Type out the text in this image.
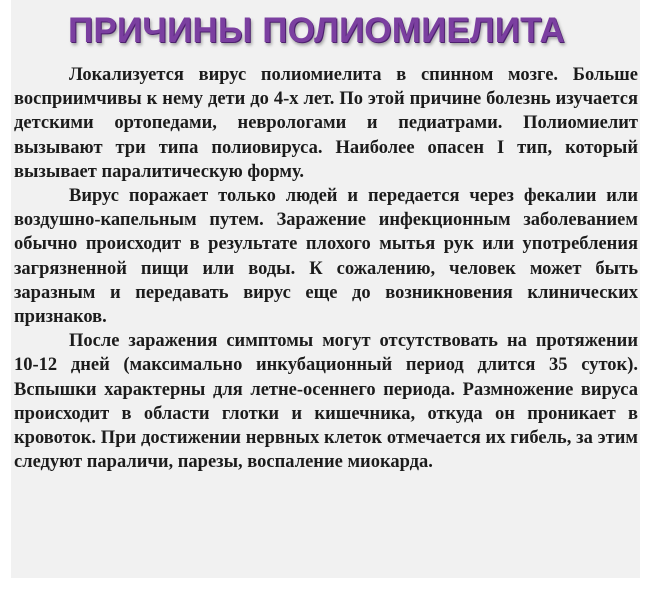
ПРИЧИНЫ ПОЛИОМИЕЛИТА

Локализуется вирус полиомиелита в спинном мозге. Больше восприимчивы к нему дети до 4-х лет. По этой причине болезнь изучается детскими ортопедами, неврологами и педиатрами. Полиомиелит вызывают три типа полиовируса. Наиболее опасен I тип, который вызывает паралитическую форму.

Вирус поражает только людей и передается через фекалии или воздушно-капельным путем. Заражение инфекционным заболеванием обычно происходит в результате плохого мытья рук или употребления загрязненной пищи или воды. К сожалению, человек может быть заразным и передавать вирус еще до возникновения клинических признаков.

После заражения симптомы могут отсутствовать на протяжении 10-12 дней (максимально инкубационный период длится 35 суток). Вспышки характерны для летне-осеннего периода. Размножение вируса происходит в области глотки и кишечника, откуда он проникает в кровоток. При достижении нервных клеток отмечается их гибель, за этим следуют параличи, парезы, воспаление миокарда.
